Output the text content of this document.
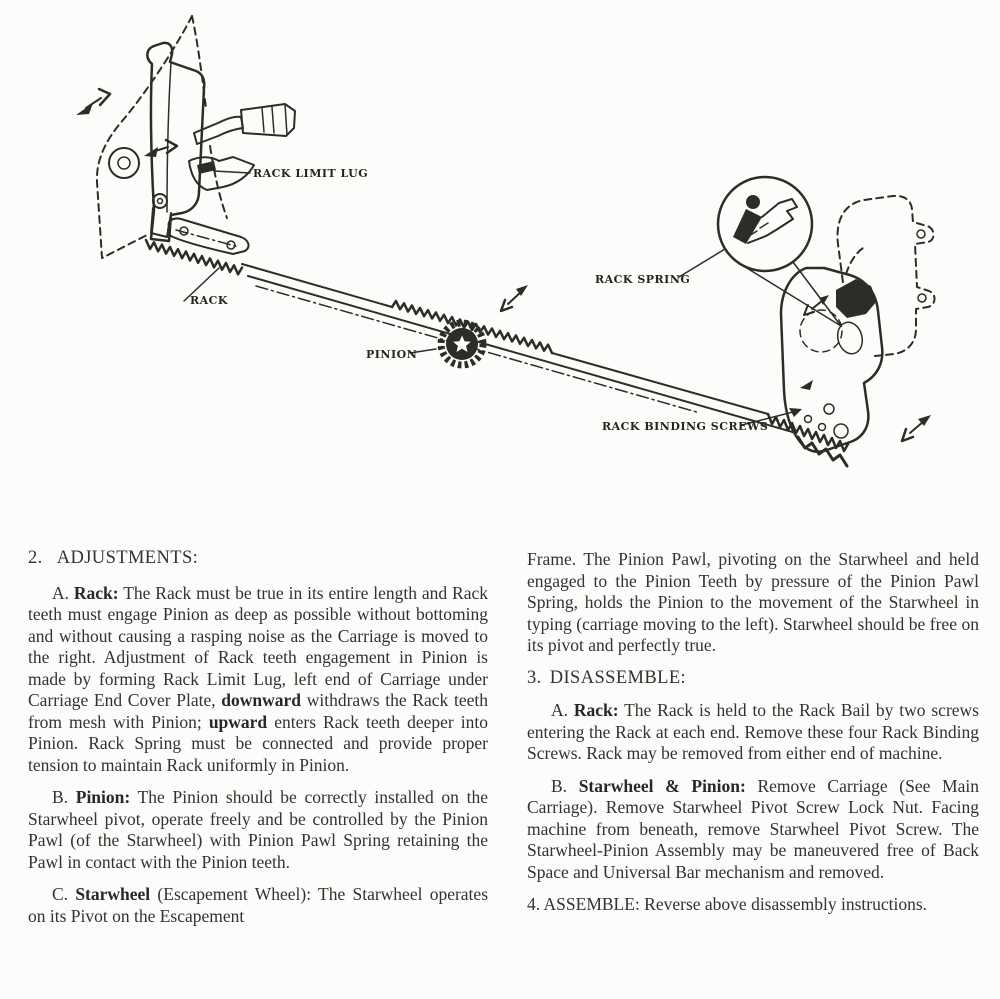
RACK LIMIT LUG
RACK
PINION
RACK SPRING
RACK BINDING SCREWS
2. ADJUSTMENTS:

A. Rack: The Rack must be true in its entire length and Rack teeth must engage Pinion as deep as possible without bottoming and without causing a rasping noise as the Carriage is moved to the right. Adjustment of Rack teeth engagement in Pinion is made by forming Rack Limit Lug, left end of Carriage under Carriage End Cover Plate, downward withdraws the Rack teeth from mesh with Pinion; upward enters Rack teeth deeper into Pinion. Rack Spring must be connected and provide proper tension to maintain Rack uniformly in Pinion.

B. Pinion: The Pinion should be correctly installed on the Starwheel pivot, operate freely and be controlled by the Pinion Pawl (of the Starwheel) with Pinion Pawl Spring retaining the Pawl in contact with the Pinion teeth.

C. Starwheel (Escapement Wheel): The Starwheel operates on its Pivot on the Escapement

Frame. The Pinion Pawl, pivoting on the Starwheel and held engaged to the Pinion Teeth by pressure of the Pinion Pawl Spring, holds the Pinion to the movement of the Starwheel in typing (carriage moving to the left). Starwheel should be free on its pivot and perfectly true.

3. DISASSEMBLE:

A. Rack: The Rack is held to the Rack Bail by two screws entering the Rack at each end. Remove these four Rack Binding Screws. Rack may be removed from either end of machine.

B. Starwheel & Pinion: Remove Carriage (See Main Carriage). Remove Starwheel Pivot Screw Lock Nut. Facing machine from beneath, remove Starwheel Pivot Screw. The Starwheel-Pinion Assembly may be maneuvered free of Back Space and Universal Bar mechanism and removed.

4. ASSEMBLE: Reverse above disassembly instructions.
